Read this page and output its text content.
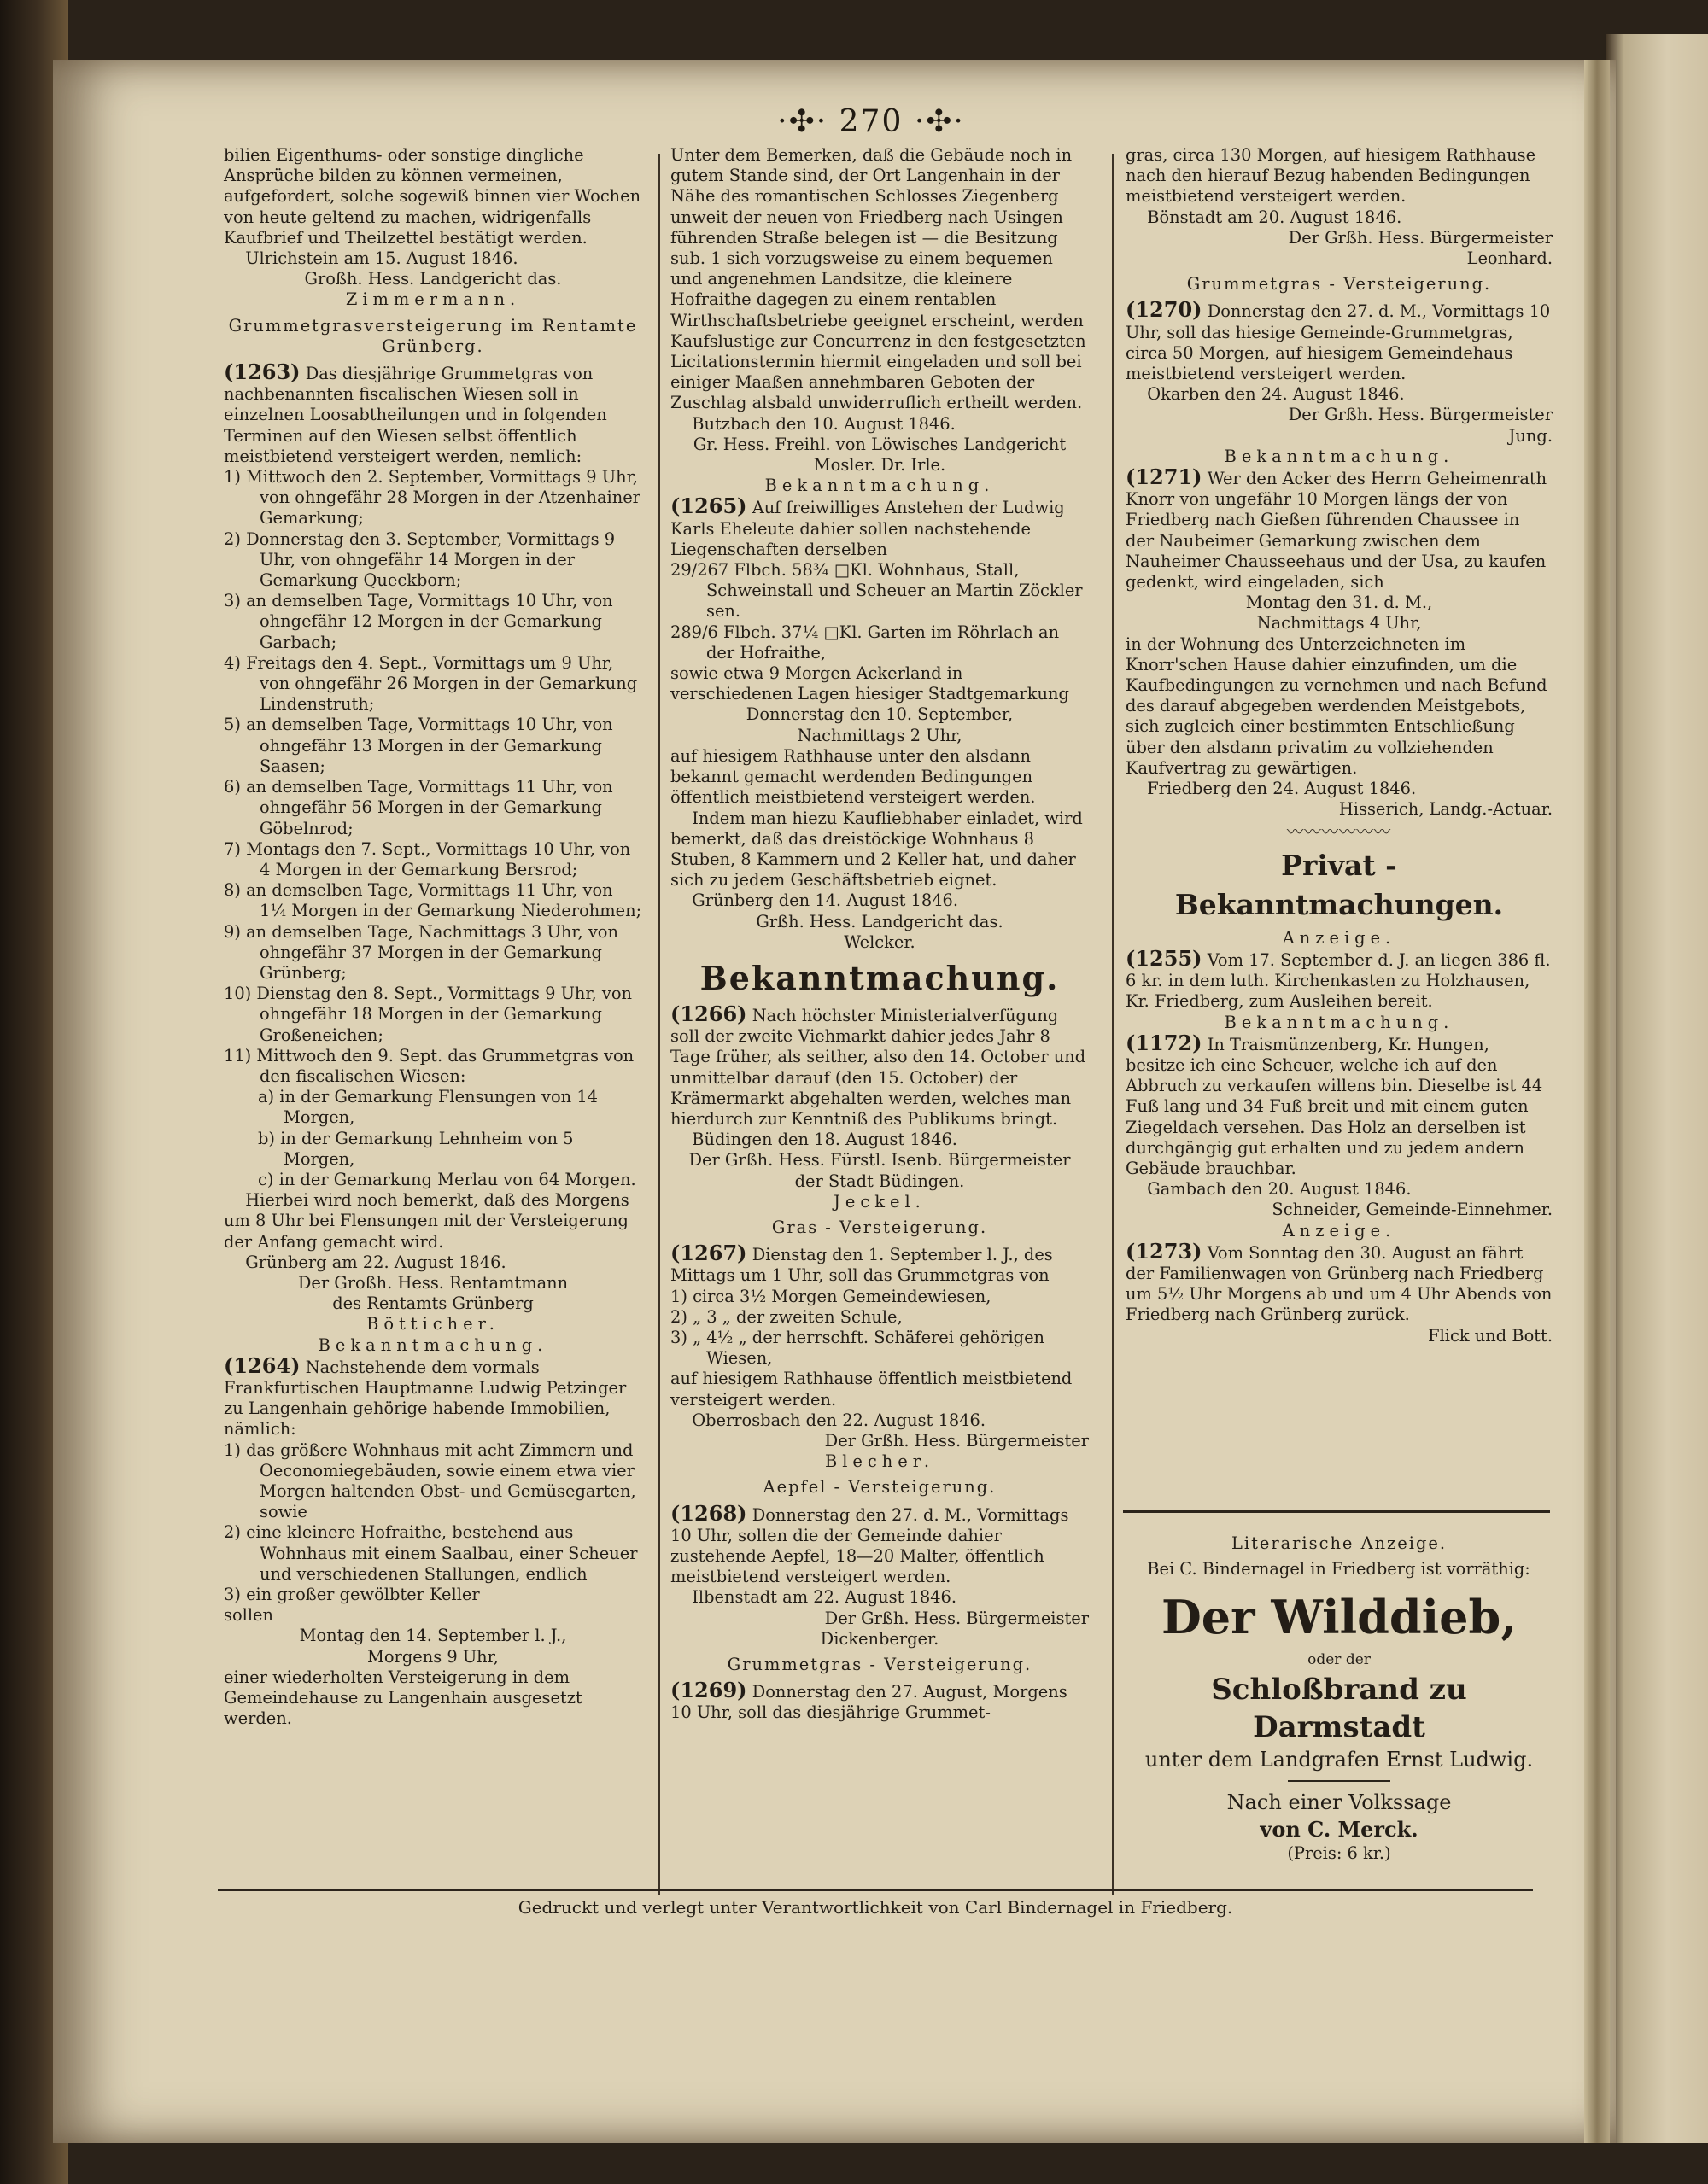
·✣· 270 ·✣·

bilien Eigenthums- oder sonstige dingliche Ansprüche bilden zu können vermeinen, aufgefordert, solche sogewiß binnen vier Wochen von heute geltend zu machen, widrigenfalls Kaufbrief und Theilzettel bestätigt werden.

Ulrichstein am 15. August 1846.

Großh. Hess. Landgericht das.

Zimmermann.

Grummetgrasversteigerung im Rentamte Grünberg.

(1263) Das diesjährige Grummetgras von nachbenannten fiscalischen Wiesen soll in einzelnen Loosabtheilungen und in folgenden Terminen auf den Wiesen selbst öffentlich meistbietend versteigert werden, nemlich:

1) Mittwoch den 2. September, Vormittags 9 Uhr, von ohngefähr 28 Morgen in der Atzenhainer Gemarkung;

2) Donnerstag den 3. September, Vormittags 9 Uhr, von ohngefähr 14 Morgen in der Gemarkung Queckborn;

3) an demselben Tage, Vormittags 10 Uhr, von ohngefähr 12 Morgen in der Gemarkung Garbach;

4) Freitags den 4. Sept., Vormittags um 9 Uhr, von ohngefähr 26 Morgen in der Gemarkung Lindenstruth;

5) an demselben Tage, Vormittags 10 Uhr, von ohngefähr 13 Morgen in der Gemarkung Saasen;

6) an demselben Tage, Vormittags 11 Uhr, von ohngefähr 56 Morgen in der Gemarkung Göbelnrod;

7) Montags den 7. Sept., Vormittags 10 Uhr, von 4 Morgen in der Gemarkung Bersrod;

8) an demselben Tage, Vormittags 11 Uhr, von 1¼ Morgen in der Gemarkung Niederohmen;

9) an demselben Tage, Nachmittags 3 Uhr, von ohngefähr 37 Morgen in der Gemarkung Grünberg;

10) Dienstag den 8. Sept., Vormittags 9 Uhr, von ohngefähr 18 Morgen in der Gemarkung Großeneichen;

11) Mittwoch den 9. Sept. das Grummetgras von den fiscalischen Wiesen:

a) in der Gemarkung Flensungen von 14 Morgen,

b) in der Gemarkung Lehnheim von 5 Morgen,

c) in der Gemarkung Merlau von 64 Morgen.

Hierbei wird noch bemerkt, daß des Morgens um 8 Uhr bei Flensungen mit der Versteigerung der Anfang gemacht wird.

Grünberg am 22. August 1846.

Der Großh. Hess. Rentamtmann

des Rentamts Grünberg

Bötticher.

Bekanntmachung.

(1264) Nachstehende dem vormals Frankfurtischen Hauptmanne Ludwig Petzinger zu Langenhain gehörige habende Immobilien, nämlich:

1) das größere Wohnhaus mit acht Zimmern und Oeconomiegebäuden, sowie einem etwa vier Morgen haltenden Obst- und Gemüsegarten, sowie

2) eine kleinere Hofraithe, bestehend aus Wohnhaus mit einem Saalbau, einer Scheuer und verschiedenen Stallungen, endlich

3) ein großer gewölbter Keller

sollen

Montag den 14. September l. J.,

Morgens 9 Uhr,

einer wiederholten Versteigerung in dem Gemeindehause zu Langenhain ausgesetzt werden.

Unter dem Bemerken, daß die Gebäude noch in gutem Stande sind, der Ort Langenhain in der Nähe des romantischen Schlosses Ziegenberg unweit der neuen von Friedberg nach Usingen führenden Straße belegen ist — die Besitzung sub. 1 sich vorzugsweise zu einem bequemen und angenehmen Landsitze, die kleinere Hofraithe dagegen zu einem rentablen Wirthschaftsbetriebe geeignet erscheint, werden Kaufslustige zur Concurrenz in den festgesetzten Licitationstermin hiermit eingeladen und soll bei einiger Maaßen annehmbaren Geboten der Zuschlag alsbald unwiderruflich ertheilt werden.

Butzbach den 10. August 1846.

Gr. Hess. Freihl. von Löwisches Landgericht

Mosler. Dr. Irle.

Bekanntmachung.

(1265) Auf freiwilliges Anstehen der Ludwig Karls Eheleute dahier sollen nachstehende Liegenschaften derselben

29/267 Flbch. 58¾ □Kl. Wohnhaus, Stall, Schweinstall und Scheuer an Martin Zöckler sen.

289/6 Flbch. 37¼ □Kl. Garten im Röhrlach an der Hofraithe,

sowie etwa 9 Morgen Ackerland in verschiedenen Lagen hiesiger Stadtgemarkung

Donnerstag den 10. September,

Nachmittags 2 Uhr,

auf hiesigem Rathhause unter den alsdann bekannt gemacht werdenden Bedingungen öffentlich meistbietend versteigert werden.

Indem man hiezu Kaufliebhaber einladet, wird bemerkt, daß das dreistöckige Wohnhaus 8 Stuben, 8 Kammern und 2 Keller hat, und daher sich zu jedem Geschäftsbetrieb eignet.

Grünberg den 14. August 1846.

Grßh. Hess. Landgericht das.

Welcker.

Bekanntmachung.

(1266) Nach höchster Ministerialverfügung soll der zweite Viehmarkt dahier jedes Jahr 8 Tage früher, als seither, also den 14. October und unmittelbar darauf (den 15. October) der Krämermarkt abgehalten werden, welches man hierdurch zur Kenntniß des Publikums bringt.

Büdingen den 18. August 1846.

Der Grßh. Hess. Fürstl. Isenb. Bürgermeister

der Stadt Büdingen.

Jeckel.

Gras - Versteigerung.

(1267) Dienstag den 1. September l. J., des Mittags um 1 Uhr, soll das Grummetgras von

1) circa 3½ Morgen Gemeindewiesen,

2) „ 3 „ der zweiten Schule,

3) „ 4½ „ der herrschft. Schäferei gehörigen Wiesen,

auf hiesigem Rathhause öffentlich meistbietend versteigert werden.

Oberrosbach den 22. August 1846.

Der Grßh. Hess. Bürgermeister

Blecher.

Aepfel - Versteigerung.

(1268) Donnerstag den 27. d. M., Vormittags 10 Uhr, sollen die der Gemeinde dahier zustehende Aepfel, 18—20 Malter, öffentlich meistbietend versteigert werden.

Ilbenstadt am 22. August 1846.

Der Grßh. Hess. Bürgermeister

Dickenberger.

Grummetgras - Versteigerung.

(1269) Donnerstag den 27. August, Morgens 10 Uhr, soll das diesjährige Grummet-

gras, circa 130 Morgen, auf hiesigem Rathhause nach den hierauf Bezug habenden Bedingungen meistbietend versteigert werden.

Bönstadt am 20. August 1846.

Der Grßh. Hess. Bürgermeister

Leonhard.

Grummetgras - Versteigerung.

(1270) Donnerstag den 27. d. M., Vormittags 10 Uhr, soll das hiesige Gemeinde-Grummetgras, circa 50 Morgen, auf hiesigem Gemeindehaus meistbietend versteigert werden.

Okarben den 24. August 1846.

Der Grßh. Hess. Bürgermeister

Jung.

Bekanntmachung.

(1271) Wer den Acker des Herrn Geheimenrath Knorr von ungefähr 10 Morgen längs der von Friedberg nach Gießen führenden Chaussee in der Naubeimer Gemarkung zwischen dem Nauheimer Chausseehaus und der Usa, zu kaufen gedenkt, wird eingeladen, sich

Montag den 31. d. M.,

Nachmittags 4 Uhr,

in der Wohnung des Unterzeichneten im Knorr'schen Hause dahier einzufinden, um die Kaufbedingungen zu vernehmen und nach Befund des darauf abgegeben werdenden Meistgebots, sich zugleich einer bestimmten Entschließung über den alsdann privatim zu vollziehenden Kaufvertrag zu gewärtigen.

Friedberg den 24. August 1846.

Hisserich, Landg.-Actuar.

〰〰〰〰〰〰

Privat - Bekanntmachungen.

Anzeige.

(1255) Vom 17. September d. J. an liegen 386 fl. 6 kr. in dem luth. Kirchenkasten zu Holzhausen, Kr. Friedberg, zum Ausleihen bereit.

Bekanntmachung.

(1172) In Traismünzenberg, Kr. Hungen, besitze ich eine Scheuer, welche ich auf den Abbruch zu verkaufen willens bin. Dieselbe ist 44 Fuß lang und 34 Fuß breit und mit einem guten Ziegeldach versehen. Das Holz an derselben ist durchgängig gut erhalten und zu jedem andern Gebäude brauchbar.

Gambach den 20. August 1846.

Schneider, Gemeinde-Einnehmer.

Anzeige.

(1273) Vom Sonntag den 30. August an fährt der Familienwagen von Grünberg nach Friedberg um 5½ Uhr Morgens ab und um 4 Uhr Abends von Friedberg nach Grünberg zurück.

Flick und Bott.

Literarische Anzeige.

Bei C. Bindernagel in Friedberg ist vorräthig:

Der Wilddieb,
oder der
Schloßbrand zu Darmstadt
unter dem Landgrafen Ernst Ludwig.
Nach einer Volkssage
von C. Merck.
(Preis: 6 kr.)
Gedruckt und verlegt unter Verantwortlichkeit von Carl Bindernagel in Friedberg.
